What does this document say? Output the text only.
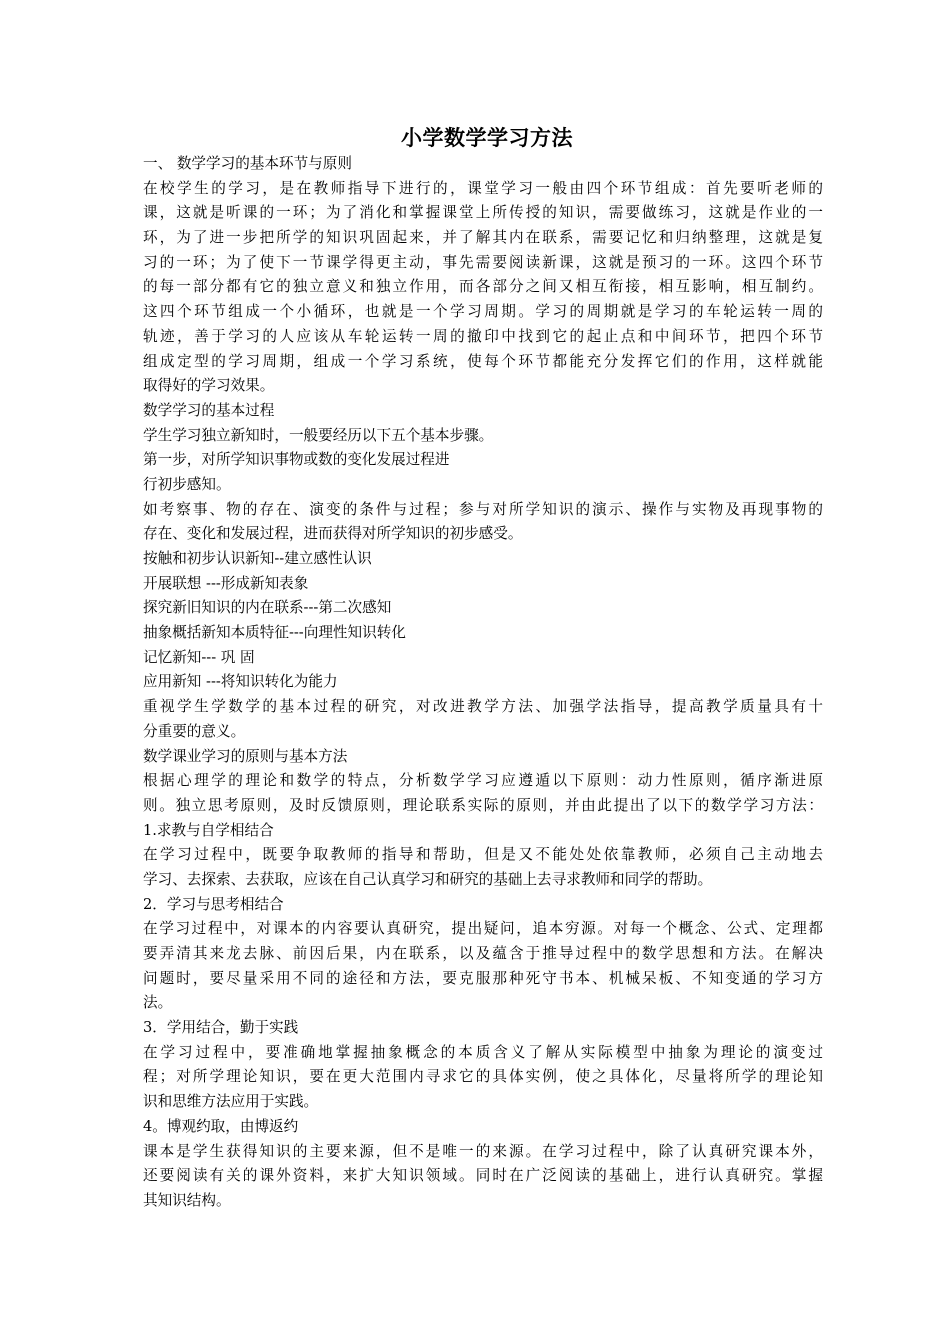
小学数学学习方法
一、 数学学习的基本环节与原则
在校学生的学习，是在教师指导下进行的，课堂学习一般由四个环节组成：首先要听老师的
课，这就是听课的一环；为了消化和掌握课堂上所传授的知识，需要做练习，这就是作业的一
环，为了进一步把所学的知识巩固起来，并了解其内在联系，需要记忆和归纳整理，这就是复
习的一环；为了使下一节课学得更主动，事先需要阅读新课，这就是预习的一环。这四个环节
的每一部分都有它的独立意义和独立作用，而各部分之间又相互衔接，相互影响，相互制约。
这四个环节组成一个小循环，也就是一个学习周期。学习的周期就是学习的车轮运转一周的
轨迹，善于学习的人应该从车轮运转一周的撤印中找到它的起止点和中间环节，把四个环节
组成定型的学习周期，组成一个学习系统，使每个环节都能充分发挥它们的作用，这样就能
取得好的学习效果。
数学学习的基本过程
学生学习独立新知时，一般要经历以下五个基本步骤。
第一步，对所学知识事物或数的变化发展过程进
行初步感知。
如考察事、物的存在、演变的条件与过程；参与对所学知识的演示、操作与实物及再现事物的
存在、变化和发展过程，进而获得对所学知识的初步感受。
按触和初步认识新知--建立感性认识
开展联想 ---形成新知表象
探究新旧知识的内在联系---第二次感知
抽象概括新知本质特征---向理性知识转化
记忆新知--- 巩 固
应用新知 ---将知识转化为能力
重视学生学数学的基本过程的研究，对改进教学方法、加强学法指导，提高教学质量具有十
分重要的意义。
数学课业学习的原则与基本方法
根据心理学的理论和数学的特点，分析数学学习应遵遁以下原则：动力性原则，循序渐进原
则。独立思考原则，及时反馈原则，理论联系实际的原则，并由此提出了以下的数学学习方法：
1.求教与自学相结合
在学习过程中，既要争取教师的指导和帮助，但是又不能处处依靠教师，必须自己主动地去
学习、去探索、去获取，应该在自己认真学习和研究的基础上去寻求教师和同学的帮助。
2．学习与思考相结合
在学习过程中，对课本的内容要认真研究，提出疑问，追本穷源。对每一个概念、公式、定理都
要弄清其来龙去脉、前因后果，内在联系，以及蕴含于推导过程中的数学思想和方法。在解决
问题时，要尽量采用不同的途径和方法，要克服那种死守书本、机械呆板、不知变通的学习方
法。
3．学用结合，勤于实践
在学习过程中，要准确地掌握抽象概念的本质含义了解从实际模型中抽象为理论的演变过
程；对所学理论知识，要在更大范围内寻求它的具体实例，使之具体化，尽量将所学的理论知
识和思维方法应用于实践。
4。博观约取，由博返约
课本是学生获得知识的主要来源，但不是唯一的来源。在学习过程中，除了认真研究课本外，
还要阅读有关的课外资料，来扩大知识领域。同时在广泛阅读的基础上，进行认真研究。掌握
其知识结构。
